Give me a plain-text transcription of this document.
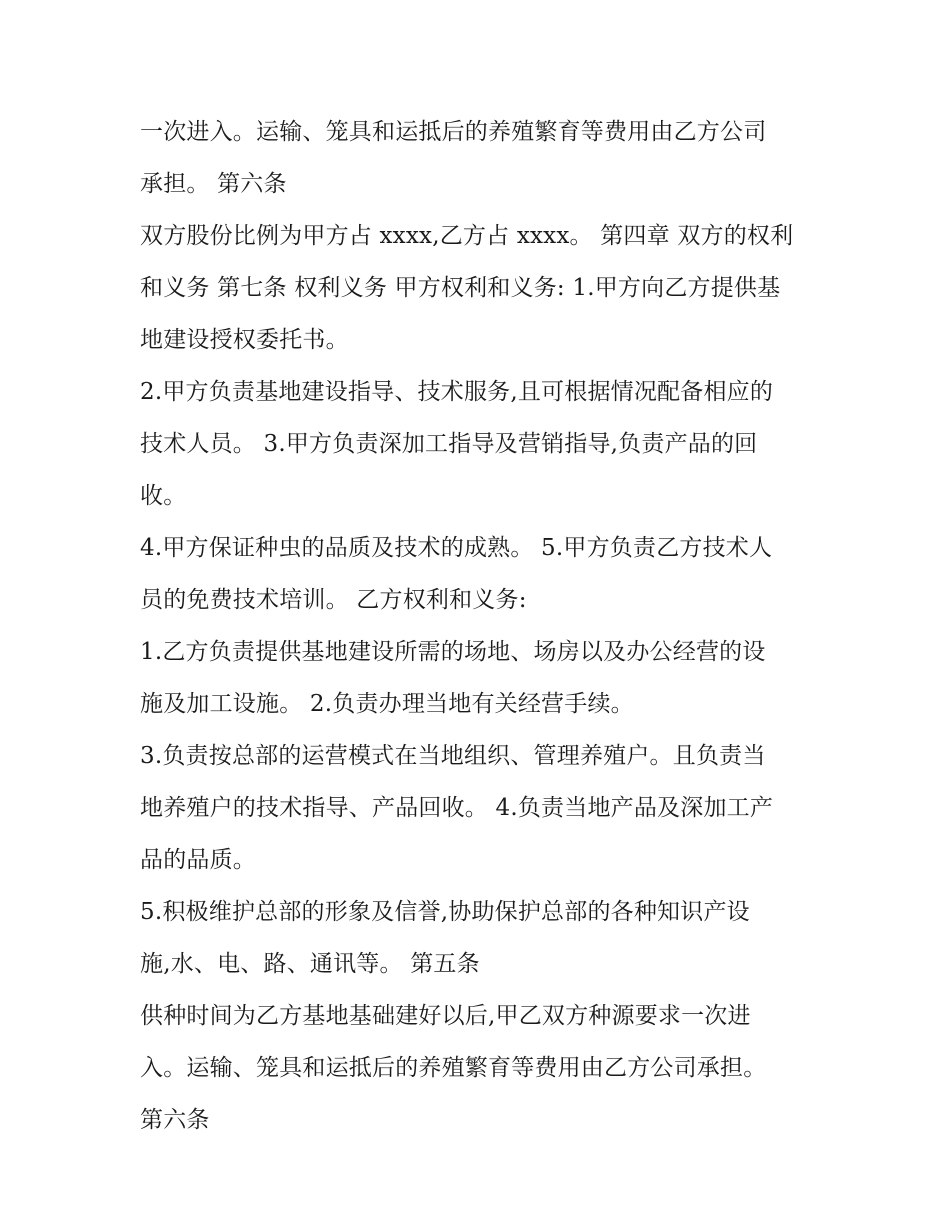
一次进入。运输、笼具和运抵后的养殖繁育等费用由乙方公司
承担。 第六条
双方股份比例为甲方占 xxxx,乙方占 xxxx。 第四章 双方的权利
和义务 第七条 权利义务 甲方权利和义务: 1.甲方向乙方提供基
地建设授权委托书。
2.甲方负责基地建设指导、技术服务,且可根据情况配备相应的
技术人员。 3.甲方负责深加工指导及营销指导,负责产品的回
收。
4.甲方保证种虫的品质及技术的成熟。 5.甲方负责乙方技术人
员的免费技术培训。 乙方权利和义务:
1.乙方负责提供基地建设所需的场地、场房以及办公经营的设
施及加工设施。 2.负责办理当地有关经营手续。
3.负责按总部的运营模式在当地组织、管理养殖户。且负责当
地养殖户的技术指导、产品回收。 4.负责当地产品及深加工产
品的品质。
5.积极维护总部的形象及信誉,协助保护总部的各种知识产设
施,水、电、路、通讯等。 第五条
供种时间为乙方基地基础建好以后,甲乙双方种源要求一次进
入。运输、笼具和运抵后的养殖繁育等费用由乙方公司承担。
第六条
